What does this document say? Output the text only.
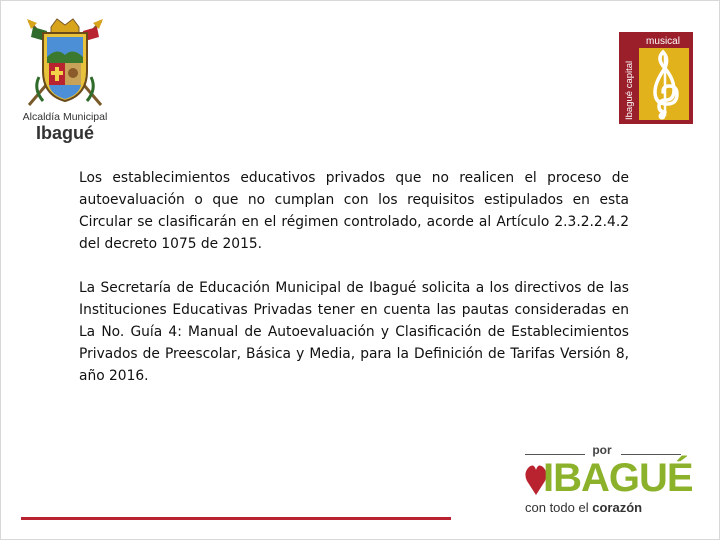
Alcaldía Municipal
Ibagué
musical
Ibagué capital

Los establecimientos educativos privados que no realicen el proceso de autoevaluación o que no cumplan con los requisitos estipulados en esta Circular se clasificarán en el régimen controlado, acorde al Artículo 2.3.2.2.4.2 del decreto 1075 de 2015.

La Secretaría de Educación Municipal de Ibagué solicita a los directivos de las Instituciones Educativas Privadas tener en cuenta las pautas consideradas en La No. Guía 4: Manual de Autoevaluación y Clasificación de Establecimientos Privados de Preescolar, Básica y Media, para la Definición de Tarifas Versión 8, año 2016.

por
IBAGUÉ
con todo el corazón
